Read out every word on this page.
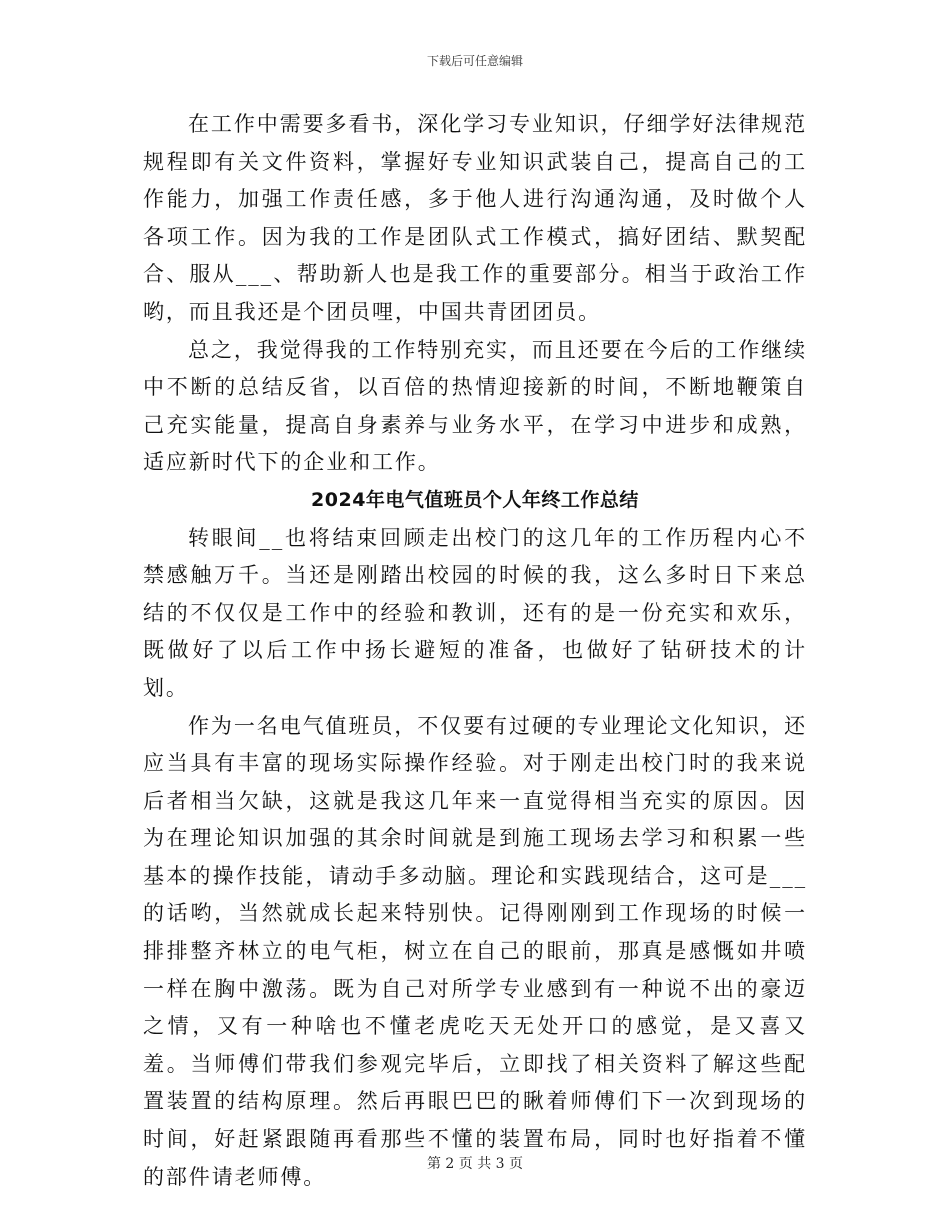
下载后可任意编辑

在工作中需要多看书，深化学习专业知识，仔细学好法律规范规程即有关文件资料，掌握好专业知识武装自己，提高自己的工作能力，加强工作责任感，多于他人进行沟通沟通，及时做个人各项工作。因为我的工作是团队式工作模式，搞好团结、默契配合、服从___、帮助新人也是我工作的重要部分。相当于政治工作哟，而且我还是个团员哩，中国共青团团员。

总之，我觉得我的工作特别充实，而且还要在今后的工作继续中不断的总结反省，以百倍的热情迎接新的时间，不断地鞭策自己充实能量，提高自身素养与业务水平，在学习中进步和成熟，适应新时代下的企业和工作。

2024年电气值班员个人年终工作总结

转眼间__也将结束回顾走出校门的这几年的工作历程内心不禁感触万千。当还是刚踏出校园的时候的我，这么多时日下来总结的不仅仅是工作中的经验和教训，还有的是一份充实和欢乐，既做好了以后工作中扬长避短的准备，也做好了钻研技术的计划。

作为一名电气值班员，不仅要有过硬的专业理论文化知识，还应当具有丰富的现场实际操作经验。对于刚走出校门时的我来说后者相当欠缺，这就是我这几年来一直觉得相当充实的原因。因为在理论知识加强的其余时间就是到施工现场去学习和积累一些基本的操作技能，请动手多动脑。理论和实践现结合，这可是___的话哟，当然就成长起来特别快。记得刚刚到工作现场的时候一排排整齐林立的电气柜，树立在自己的眼前，那真是感慨如井喷一样在胸中激荡。既为自己对所学专业感到有一种说不出的豪迈之情，又有一种啥也不懂老虎吃天无处开口的感觉，是又喜又羞。当师傅们带我们参观完毕后，立即找了相关资料了解这些配置装置的结构原理。然后再眼巴巴的瞅着师傅们下一次到现场的时间，好赶紧跟随再看那些不懂的装置布局，同时也好指着不懂的部件请老师傅。

第 2 页 共 3 页
